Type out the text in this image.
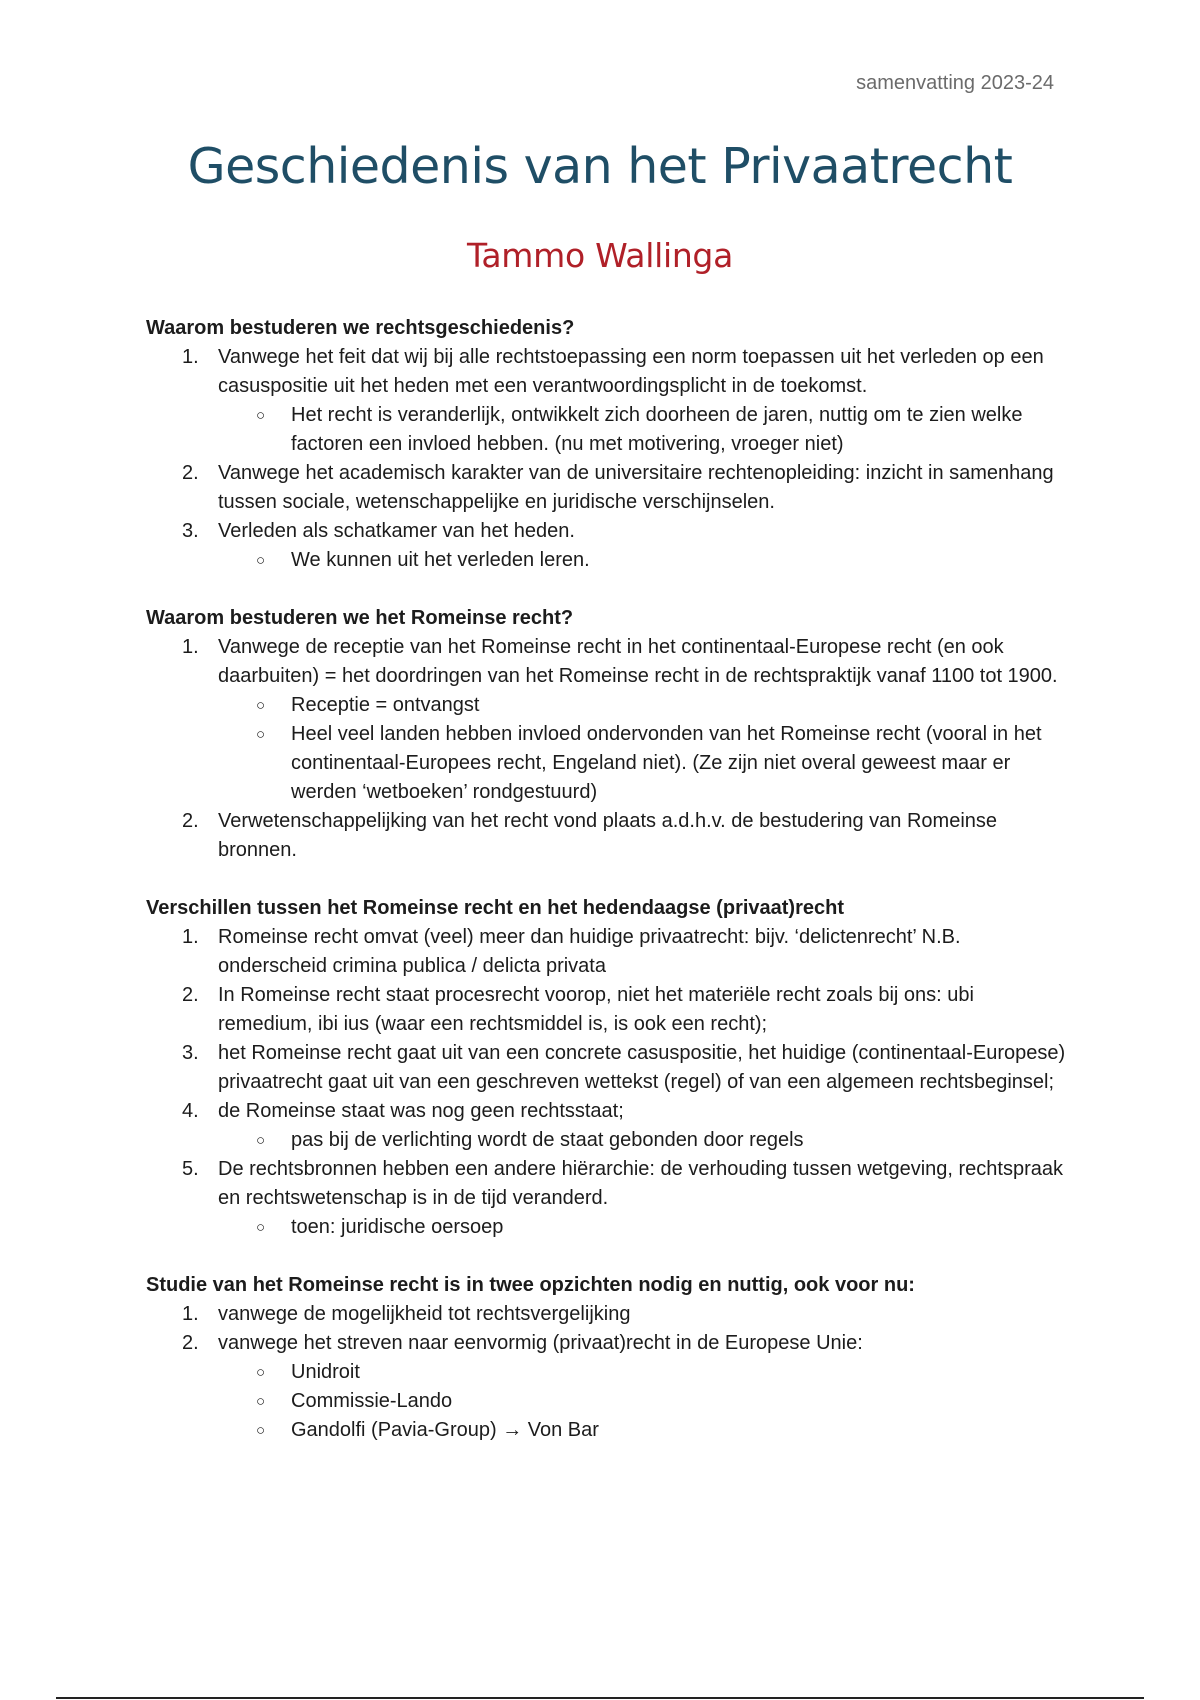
samenvatting 2023-24
Geschiedenis van het Privaatrecht
Tammo Wallinga

Waarom bestuderen we rechtsgeschiedenis?

1. Vanwege het feit dat wij bij alle rechtstoepassing een norm toepassen uit het verleden op een casuspositie uit het heden met een verantwoordingsplicht in de toekomst.
○ Het recht is veranderlijk, ontwikkelt zich doorheen de jaren, nuttig om te zien welke factoren een invloed hebben. (nu met motivering, vroeger niet)
2. Vanwege het academisch karakter van de universitaire rechtenopleiding: inzicht in samenhang tussen sociale, wetenschappelijke en juridische verschijnselen.
3. Verleden als schatkamer van het heden.
○ We kunnen uit het verleden leren.

Waarom bestuderen we het Romeinse recht?

1. Vanwege de receptie van het Romeinse recht in het continentaal-Europese recht (en ook daarbuiten) = het doordringen van het Romeinse recht in de rechtspraktijk vanaf 1100 tot 1900.
○ Receptie = ontvangst
○ Heel veel landen hebben invloed ondervonden van het Romeinse recht (vooral in het continentaal-Europees recht, Engeland niet). (Ze zijn niet overal geweest maar er werden ‘wetboeken’ rondgestuurd)
2. Verwetenschappelijking van het recht vond plaats a.d.h.v. de bestudering van Romeinse bronnen.

Verschillen tussen het Romeinse recht en het hedendaagse (privaat)recht

1. Romeinse recht omvat (veel) meer dan huidige privaatrecht: bijv. ‘delictenrecht’ N.B. onderscheid crimina publica / delicta privata
2. In Romeinse recht staat procesrecht voorop, niet het materiële recht zoals bij ons: ubi remedium, ibi ius (waar een rechtsmiddel is, is ook een recht);
3. het Romeinse recht gaat uit van een concrete casuspositie, het huidige (continentaal-Europese) privaatrecht gaat uit van een geschreven wettekst (regel) of van een algemeen rechtsbeginsel;
4. de Romeinse staat was nog geen rechtsstaat;
○ pas bij de verlichting wordt de staat gebonden door regels
5. De rechtsbronnen hebben een andere hiërarchie: de verhouding tussen wetgeving, rechtspraak en rechtswetenschap is in de tijd veranderd.
○ toen: juridische oersoep

Studie van het Romeinse recht is in twee opzichten nodig en nuttig, ook voor nu:

1. vanwege de mogelijkheid tot rechtsvergelijking
2. vanwege het streven naar eenvormig (privaat)recht in de Europese Unie:
○ Unidroit
○ Commissie-Lando
○ Gandolfi (Pavia-Group) → Von Bar
